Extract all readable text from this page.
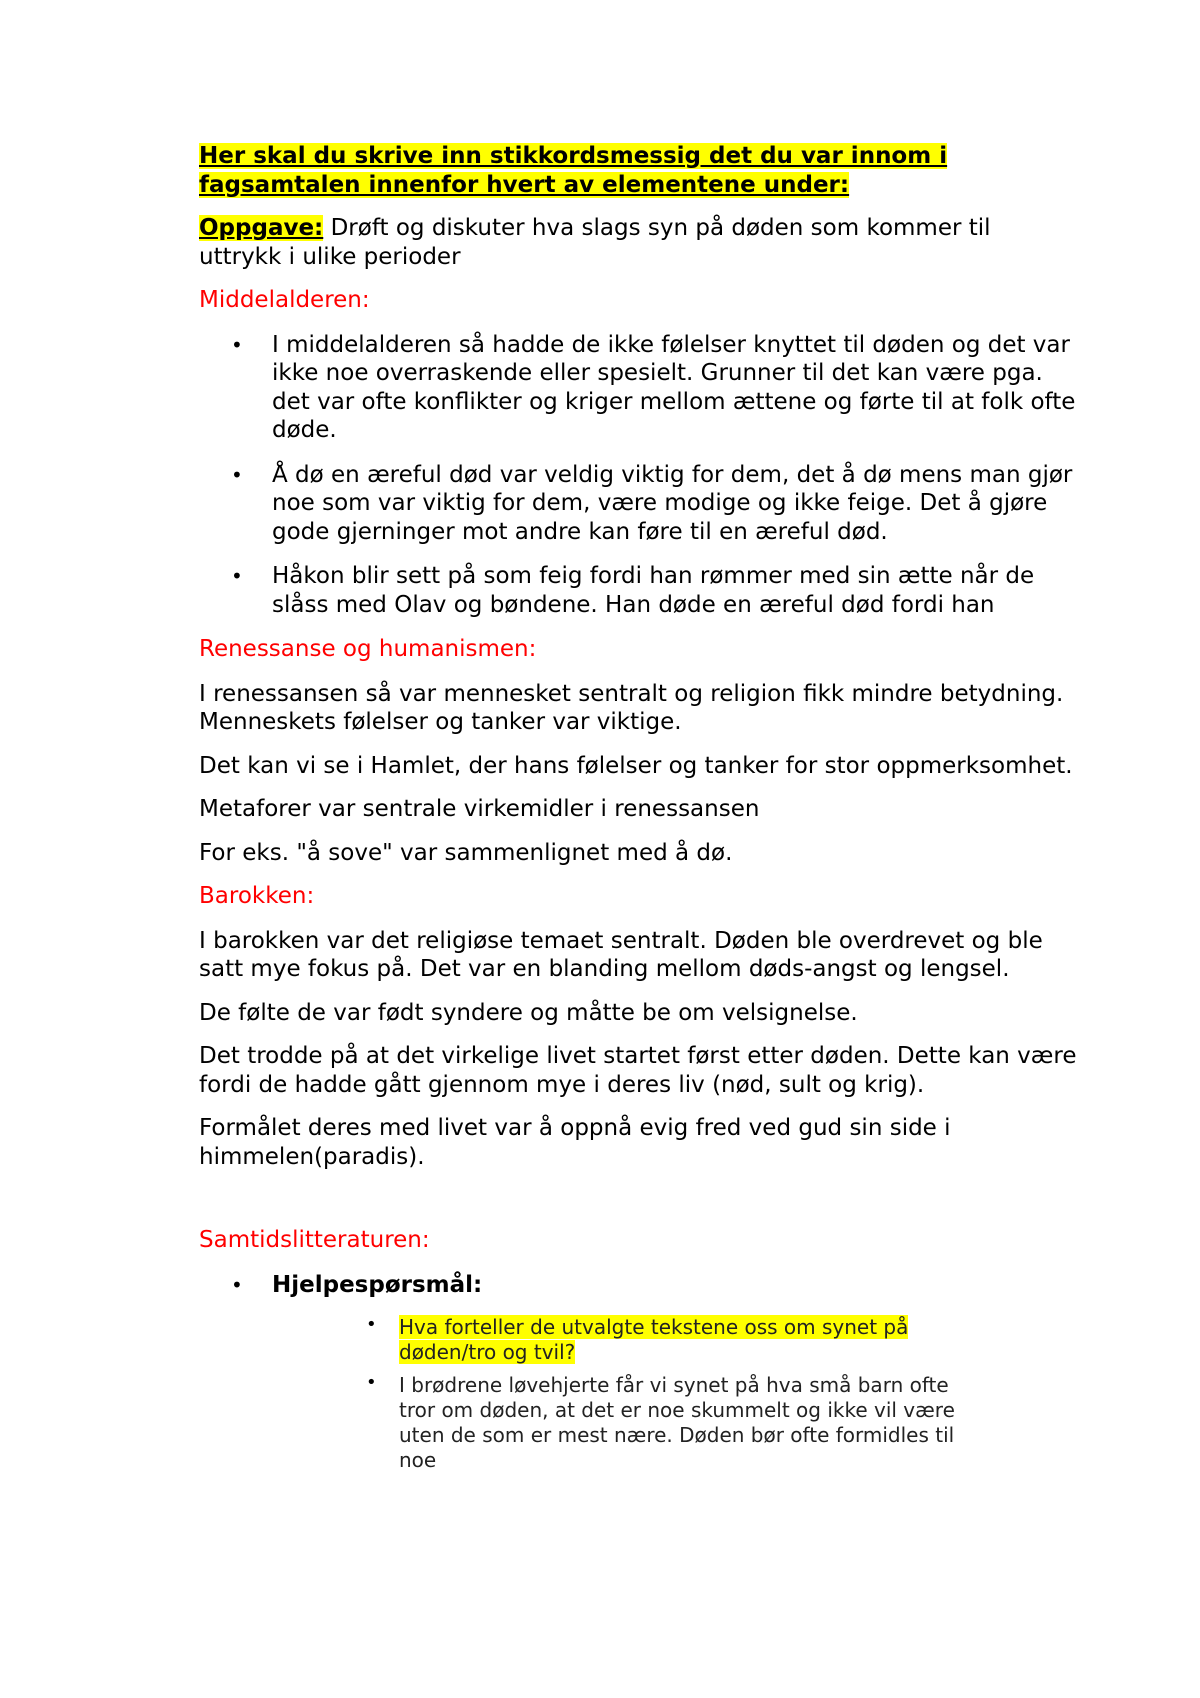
Her skal du skrive inn stikkordsmessig det du var innom i fagsamtalen innenfor hvert av elementene under:

Oppgave: Drøft og diskuter hva slags syn på døden som kommer til uttrykk i ulike perioder

Middelalderen:

• I middelalderen så hadde de ikke følelser knyttet til døden og det var ikke noe overraskende eller spesielt. Grunner til det kan være pga. det var ofte konflikter og kriger mellom ættene og førte til at folk ofte døde.
• Å dø en æreful død var veldig viktig for dem, det å dø mens man gjør noe som var viktig for dem, være modige og ikke feige. Det å gjøre gode gjerninger mot andre kan føre til en æreful død.
• Håkon blir sett på som feig fordi han rømmer med sin ætte når de slåss med Olav og bøndene. Han døde en æreful død fordi han

Renessanse og humanismen:

I renessansen så var mennesket sentralt og religion fikk mindre betydning. Menneskets følelser og tanker var viktige.

Det kan vi se i Hamlet, der hans følelser og tanker for stor oppmerksomhet.

Metaforer var sentrale virkemidler i renessansen

For eks. "å sove" var sammenlignet med å dø.

Barokken:

I barokken var det religiøse temaet sentralt. Døden ble overdrevet og ble satt mye fokus på. Det var en blanding mellom døds-angst og lengsel.

De følte de var født syndere og måtte be om velsignelse.

Det trodde på at det virkelige livet startet først etter døden. Dette kan være fordi de hadde gått gjennom mye i deres liv (nød, sult og krig).

Formålet deres med livet var å oppnå evig fred ved gud sin side i himmelen(paradis).

Samtidslitteraturen:

• Hjelpespørsmål:
• Hva forteller de utvalgte tekstene oss om synet på døden/tro og tvil?
• I brødrene løvehjerte får vi synet på hva små barn ofte tror om døden, at det er noe skummelt og ikke vil være uten de som er mest nære. Døden bør ofte formidles til noe
